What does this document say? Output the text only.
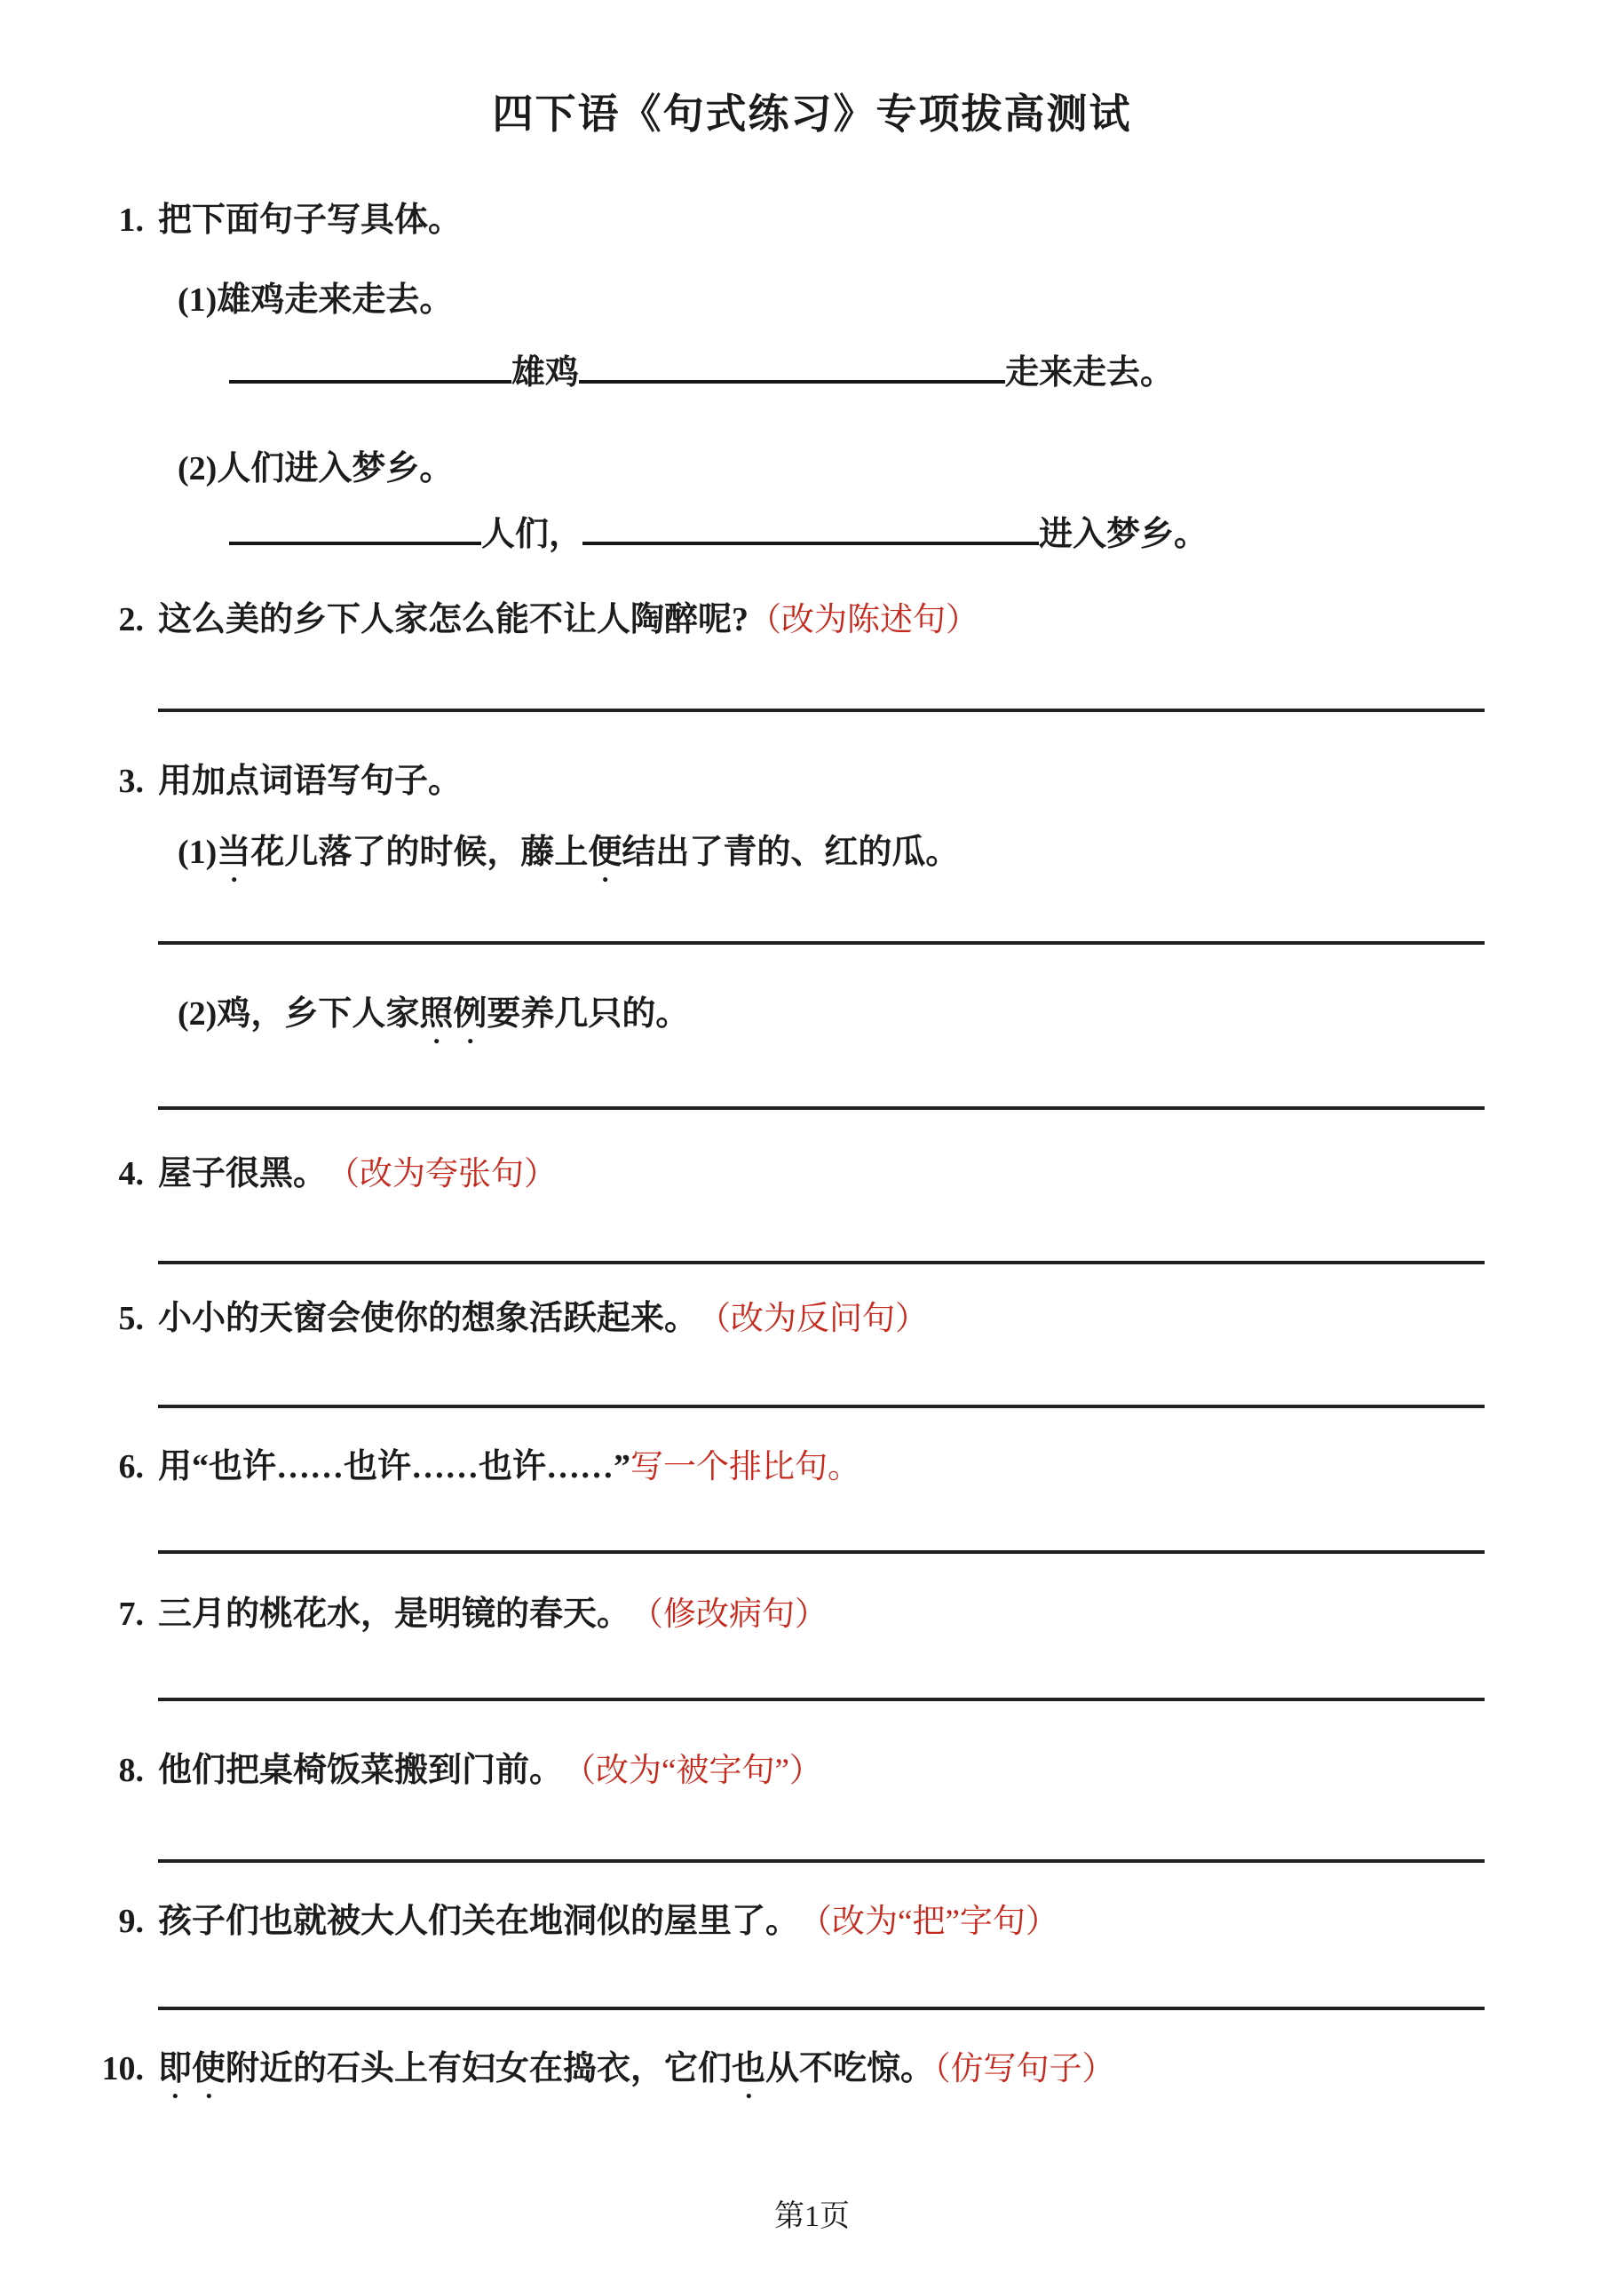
四下语《句式练习》专项拔高测试
1. 把下面句子写具体。
(1) 雄鸡走来走去。
雄鸡	走来走去。
(2) 人们进入梦乡。
人们，	进入梦乡。
2. 这么美的乡下人家怎么能不让人陶醉呢? （改为陈述句）
3. 用加点词语写句子。
(1) 当 花儿落了的时候，藤上 便 结出了青的、红的瓜。
(2) 鸡，乡下人家 照例 要养几只的。
4. 屋子很黑。 （改为夸张句）
5. 小小的天窗会使你的想象活跃起来。 （改为反问句）
6. 用“也许……也许……也许……” 写一个排比句。
7. 三月的桃花水，是明镜的春天。 （修改病句）
8. 他们把桌椅饭菜搬到门前。 （改为“被字句”）
9. 孩子们也就被大人们关在地洞似的屋里了。 （改为“把”字句）
10. 即使附近的石头上有妇女在捣衣，它们也从不吃惊。（仿写句子）
第1页
